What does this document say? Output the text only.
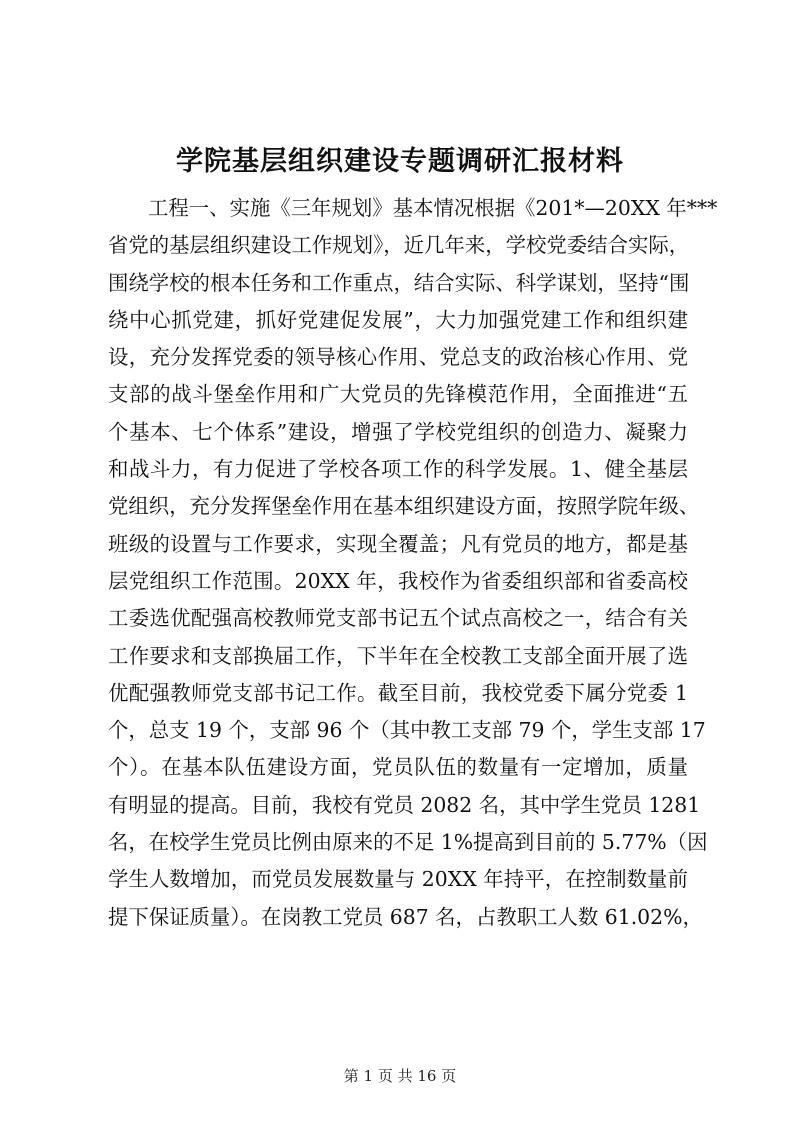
学院基层组织建设专题调研汇报材料
工程一、实施《三年规划》基本情况根据《201*—20XX 年***
省党的基层组织建设工作规划》，近几年来，学校党委结合实际，
围绕学校的根本任务和工作重点，结合实际、科学谋划，坚持“围
绕中心抓党建，抓好党建促发展”，大力加强党建工作和组织建
设，充分发挥党委的领导核心作用、党总支的政治核心作用、党
支部的战斗堡垒作用和广大党员的先锋模范作用，全面推进“五
个基本、七个体系”建设，增强了学校党组织的创造力、凝聚力
和战斗力，有力促进了学校各项工作的科学发展。1、健全基层
党组织，充分发挥堡垒作用在基本组织建设方面，按照学院年级、
班级的设置与工作要求，实现全覆盖；凡有党员的地方，都是基
层党组织工作范围。20XX 年，我校作为省委组织部和省委高校
工委选优配强高校教师党支部书记五个试点高校之一，结合有关
工作要求和支部换届工作，下半年在全校教工支部全面开展了选
优配强教师党支部书记工作。截至目前，我校党委下属分党委 1
个，总支 19 个，支部 96 个（其中教工支部 79 个，学生支部 17
个）。在基本队伍建设方面，党员队伍的数量有一定增加，质量
有明显的提高。目前，我校有党员 2082 名，其中学生党员 1281
名，在校学生党员比例由原来的不足 1%提高到目前的 5.77%（因
学生人数增加，而党员发展数量与 20XX 年持平，在控制数量前
提下保证质量）。在岗教工党员 687 名，占教职工人数 61.02%，
第 1 页 共 16 页
